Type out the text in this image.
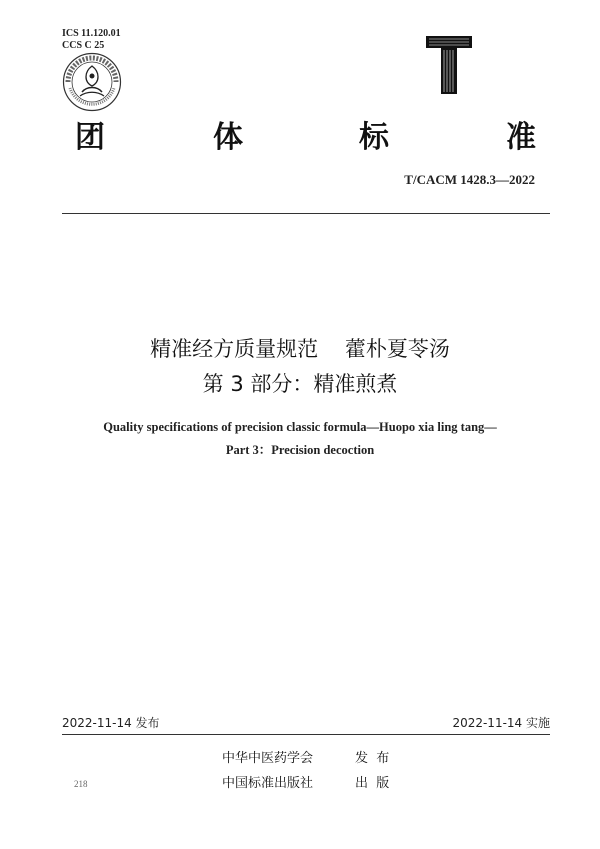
ICS 11.120.01
CCS C 25
团	体	标	准
T/CACM 1428.3—2022
精准经方质量规范    藿朴夏苓汤
第 3 部分：精准煎煮
Quality specifications of precision classic formula—Huopo xia ling tang—
Part 3：Precision decoction
2022-11-14 发布	2022-11-14 实施
中华中医药学会	发  布
中国标准出版社	出  版
218
